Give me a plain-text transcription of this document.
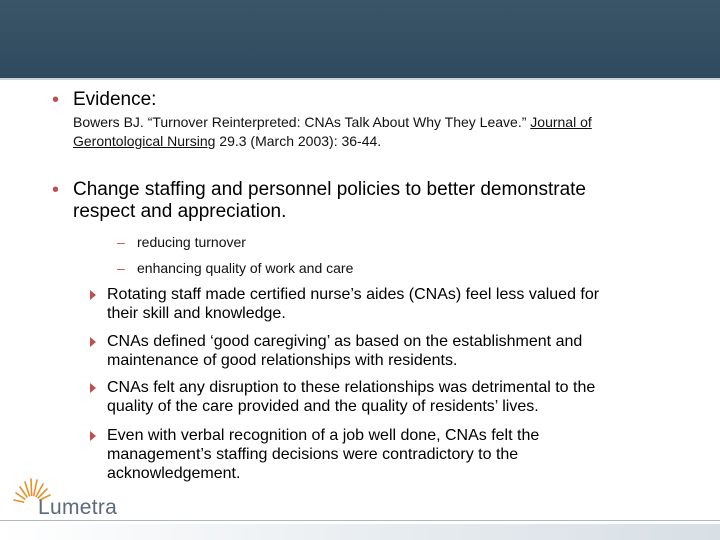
• Evidence:
Bowers BJ. “Turnover Reinterpreted: CNAs Talk About Why They Leave.” Journal of
Gerontological Nursing 29.3 (March 2003): 36-44.
• Change staffing and personnel policies to better demonstrate
respect and appreciation.
– reducing turnover
– enhancing quality of work and care
Rotating staff made certified nurse’s aides (CNAs) feel less valued for
their skill and knowledge.
CNAs defined ‘good caregiving’ as based on the establishment and
maintenance of good relationships with residents.
CNAs felt any disruption to these relationships was detrimental to the
quality of the care provided and the quality of residents’ lives.
Even with verbal recognition of a job well done, CNAs felt the
management’s staffing decisions were contradictory to the
acknowledgement.
Lumetra
